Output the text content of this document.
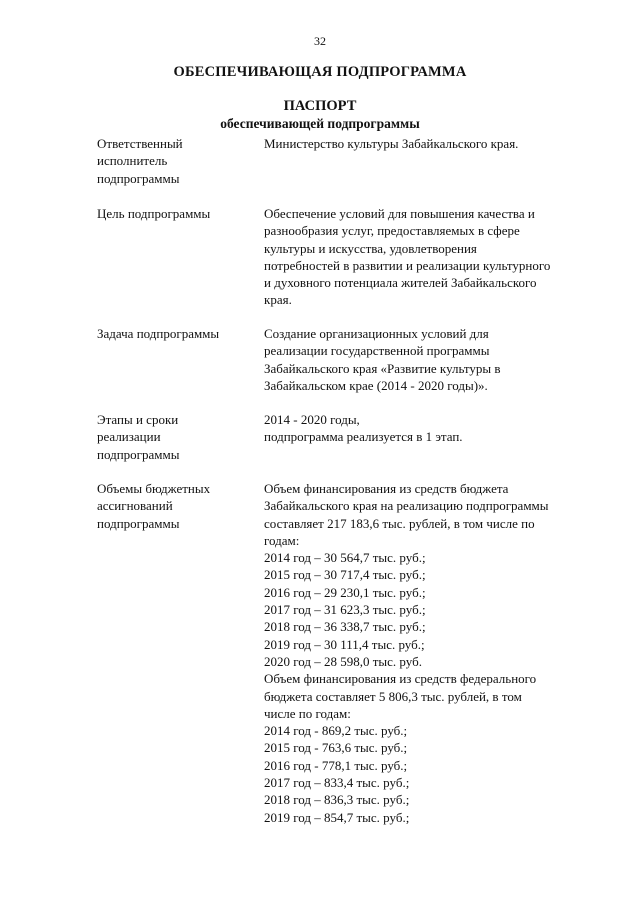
32
ОБЕСПЕЧИВАЮЩАЯ ПОДПРОГРАММА
ПАСПОРТ
обеспечивающей подпрограммы
Ответственный
исполнитель
подпрограммы
Министерство культуры Забайкальского края.
Цель подпрограммы	Обеспечение условий для повышения качества и
разнообразия услуг, предоставляемых в сфере
культуры и искусства, удовлетворения
потребностей в развитии и реализации культурного
и духовного потенциала жителей Забайкальского
края.
Задача подпрограммы	Создание организационных условий для
реализации государственной программы
Забайкальского края «Развитие культуры в
Забайкальском крае (2014 - 2020 годы)».
Этапы и сроки
реализации
подпрограммы
2014 - 2020 годы,
подпрограмма реализуется в 1 этап.
Объемы бюджетных
ассигнований
подпрограммы
Объем финансирования из средств бюджета
Забайкальского края на реализацию подпрограммы
составляет 217 183,6 тыс. рублей, в том числе по
годам:
2014 год – 30 564,7 тыс. руб.;
2015 год – 30 717,4 тыс. руб.;
2016 год – 29 230,1 тыс. руб.;
2017 год – 31 623,3 тыс. руб.;
2018 год – 36 338,7 тыс. руб.;
2019 год – 30 111,4 тыс. руб.;
2020 год – 28 598,0 тыс. руб.
Объем финансирования из средств федерального
бюджета составляет 5 806,3 тыс. рублей, в том
числе по годам:
2014 год - 869,2 тыс. руб.;
2015 год - 763,6 тыс. руб.;
2016 год - 778,1 тыс. руб.;
2017 год – 833,4 тыс. руб.;
2018 год – 836,3 тыс. руб.;
2019 год – 854,7 тыс. руб.;
